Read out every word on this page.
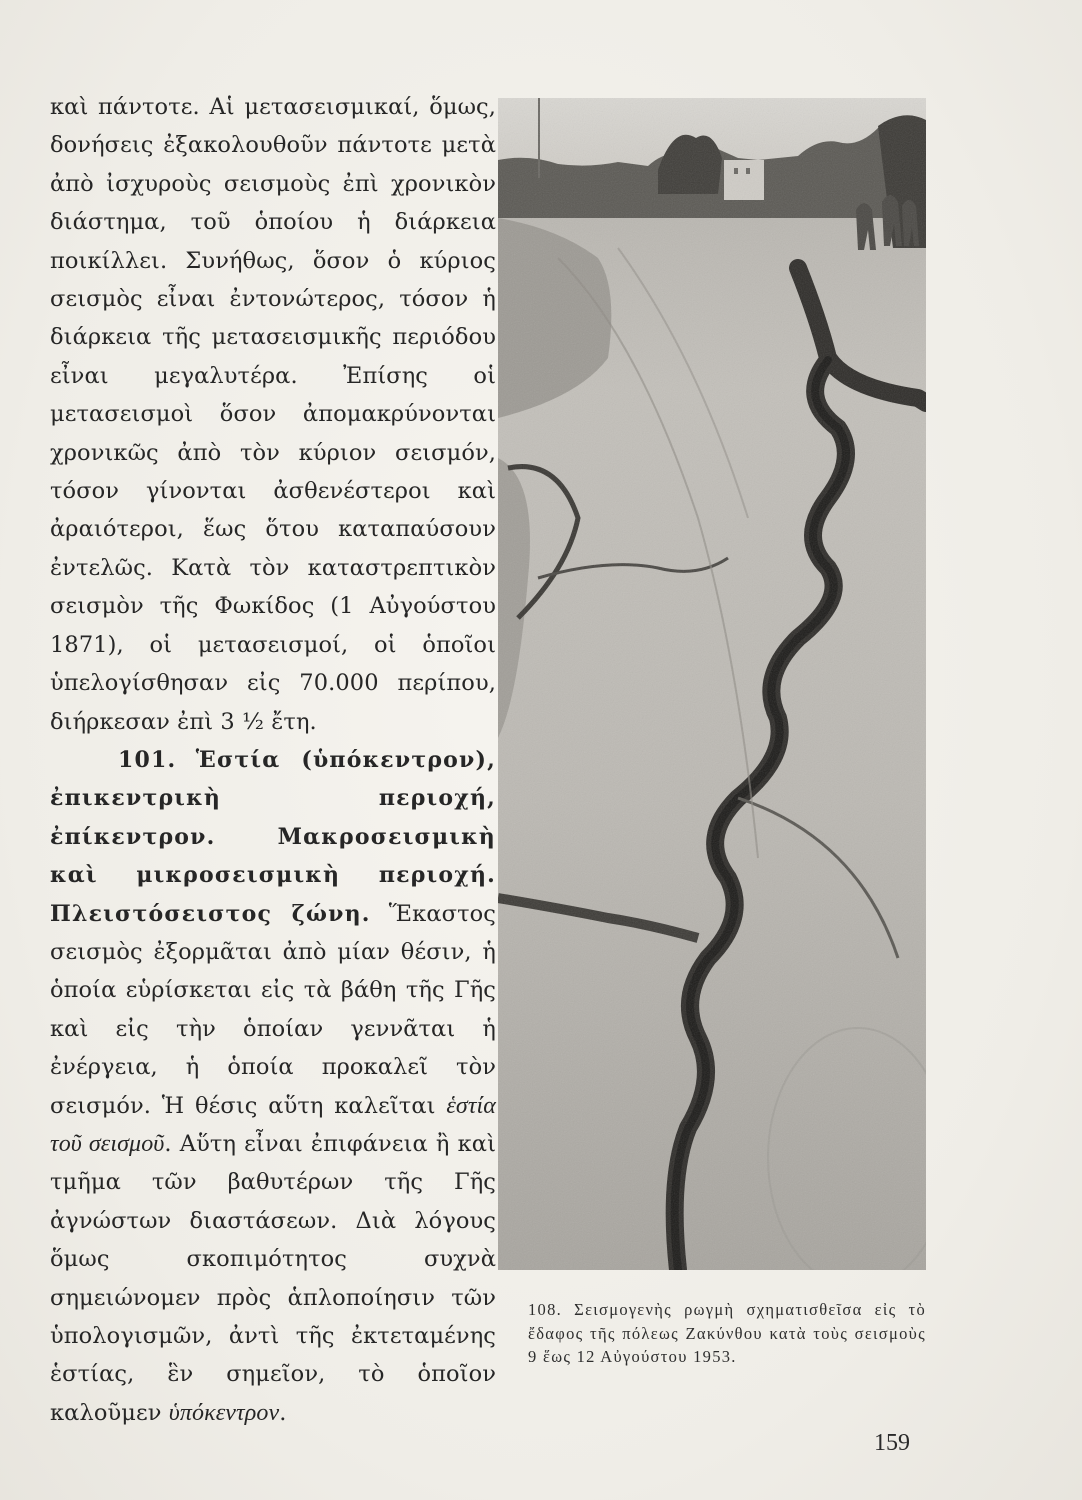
καὶ πάντοτε. Αἱ μετασεισμικαί, ὅμως, δονήσεις ἐξακολουθοῦν πάντοτε μετὰ ἀπὸ ἰσχυροὺς σεισμοὺς ἐπὶ χρονικὸν διάστημα, τοῦ ὁποίου ἡ διάρκεια ποικίλλει. Συνήθως, ὅσον ὁ κύριος σεισμὸς εἶναι ἐντονώτερος, τόσον ἡ διάρκεια τῆς μετασεισμικῆς περιόδου εἶναι μεγαλυτέρα. Ἐπίσης οἱ μετασεισμοὶ ὅσον ἀπομακρύνονται χρονικῶς ἀπὸ τὸν κύριον σεισμόν, τόσον γίνονται ἀσθενέστεροι καὶ ἀραιότεροι, ἕως ὅτου καταπαύσουν ἐντελῶς. Κατὰ τὸν καταστρεπτικὸν σεισμὸν τῆς Φωκίδος (1 Αὐγούστου 1871), οἱ μετασεισμοί, οἱ ὁποῖοι ὑπελογίσθησαν εἰς 70.000 περίπου, διήρκεσαν ἐπὶ 3 ½ ἔτη.

101. Ἑστία (ὑπόκεντρον), ἐπικεντρικὴ περιοχή, ἐπίκεντρον. Μακροσεισμικὴ καὶ μικροσεισμικὴ περιοχή. Πλειστόσειστος ζώνη. Ἕκαστος σεισμὸς ἐξορμᾶται ἀπὸ μίαν θέσιν, ἡ ὁποία εὑρίσκεται εἰς τὰ βάθη τῆς Γῆς καὶ εἰς τὴν ὁποίαν γεννᾶται ἡ ἐνέργεια, ἡ ὁποία προκαλεῖ τὸν σεισμόν. Ἡ θέσις αὕτη καλεῖται ἑστία τοῦ σεισμοῦ. Αὕτη εἶναι ἐπιφάνεια ἢ καὶ τμῆμα τῶν βαθυτέρων τῆς Γῆς ἀγνώστων διαστάσεων. Διὰ λόγους ὅμως σκοπιμότητος συχνὰ σημειώνομεν πρὸς ἁπλοποίησιν τῶν ὑπολογισμῶν, ἀντὶ τῆς ἐκτεταμένης ἑστίας, ἓν σημεῖον, τὸ ὁποῖον καλοῦμεν ὑπόκεντρον.

108. Σεισμογενὴς ρωγμὴ σχηματισθεῖσα εἰς τὸ ἔδαφος τῆς πόλεως Ζακύνθου κατὰ τοὺς σεισμοὺς 9 ἕως 12 Αὐγούστου 1953.
159
